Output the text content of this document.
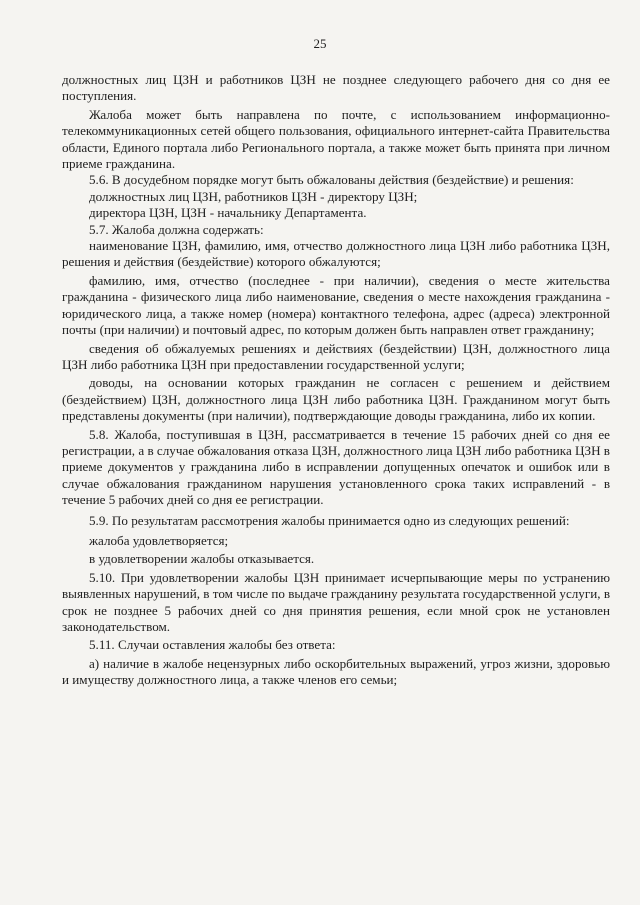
25

должностных лиц ЦЗН и работников ЦЗН не позднее следующего рабочего дня со дня ее поступления.

Жалоба может быть направлена по почте, с использованием информационно-телекоммуникационных сетей общего пользования, официального интернет-сайта Правительства области, Единого портала либо Регионального портала, а также может быть принята при личном приеме гражданина.

5.6. В досудебном порядке могут быть обжалованы действия (бездействие) и решения:

должностных лиц ЦЗН, работников ЦЗН - директору ЦЗН;

директора ЦЗН, ЦЗН - начальнику Департамента.

5.7. Жалоба должна содержать:

наименование ЦЗН, фамилию, имя, отчество должностного лица ЦЗН либо работника ЦЗН, решения и действия (бездействие) которого обжалуются;

фамилию, имя, отчество (последнее - при наличии), сведения о месте жительства гражданина - физического лица либо наименование, сведения о месте нахождения гражданина - юридического лица, а также номер (номера) контактного телефона, адрес (адреса) электронной почты (при наличии) и почтовый адрес, по которым должен быть направлен ответ гражданину;

сведения об обжалуемых решениях и действиях (бездействии) ЦЗН, должностного лица ЦЗН либо работника ЦЗН при предоставлении государственной услуги;

доводы, на основании которых гражданин не согласен с решением и действием (бездействием) ЦЗН, должностного лица ЦЗН либо работника ЦЗН. Гражданином могут быть представлены документы (при наличии), подтверждающие доводы гражданина, либо их копии.

5.8. Жалоба, поступившая в ЦЗН, рассматривается в течение 15 рабочих дней со дня ее регистрации, а в случае обжалования отказа ЦЗН, должностного лица ЦЗН либо работника ЦЗН в приеме документов у гражданина либо в исправлении допущенных опечаток и ошибок или в случае обжалования гражданином нарушения установленного срока таких исправлений - в течение 5 рабочих дней со дня ее регистрации.

5.9. По результатам рассмотрения жалобы принимается одно из следующих решений:

жалоба удовлетворяется;

в удовлетворении жалобы отказывается.

5.10. При удовлетворении жалобы ЦЗН принимает исчерпывающие меры по устранению выявленных нарушений, в том числе по выдаче гражданину результата государственной услуги, в срок не позднее 5 рабочих дней со дня принятия решения, если мной срок не установлен законодательством.

5.11. Случаи оставления жалобы без ответа:

а) наличие в жалобе нецензурных либо оскорбительных выражений, угроз жизни, здоровью и имуществу должностного лица, а также членов его семьи;
